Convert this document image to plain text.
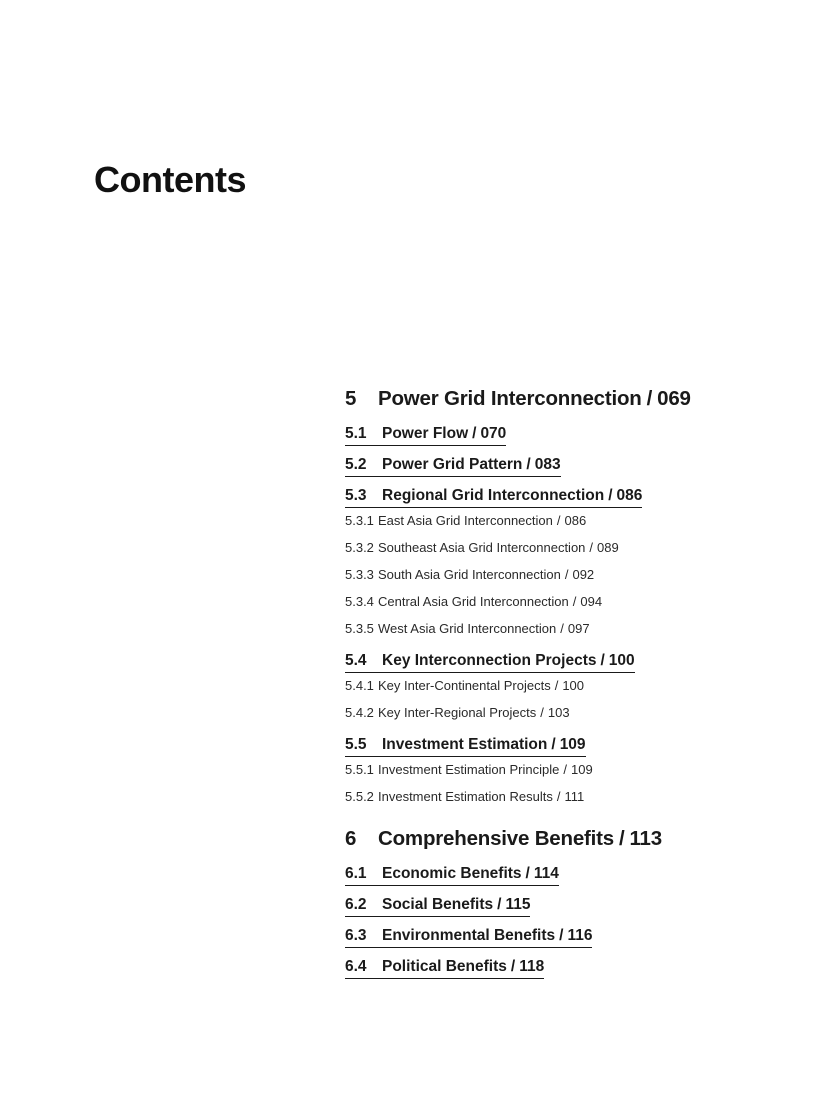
Contents
5	Power Grid Interconnection / 069
5.1 Power Flow / 070
5.2 Power Grid Pattern / 083
5.3 Regional Grid Interconnection / 086
5.3.1 East Asia Grid Interconnection / 086
5.3.2 Southeast Asia Grid Interconnection / 089
5.3.3 South Asia Grid Interconnection / 092
5.3.4 Central Asia Grid Interconnection / 094
5.3.5 West Asia Grid Interconnection / 097
5.4 Key Interconnection Projects / 100
5.4.1 Key Inter-Continental Projects / 100
5.4.2 Key Inter-Regional Projects / 103
5.5 Investment Estimation / 109
5.5.1 Investment Estimation Principle / 109
5.5.2 Investment Estimation Results / 111
6	Comprehensive Benefits / 113
6.1 Economic Benefits / 114
6.2 Social Benefits / 115
6.3 Environmental Benefits / 116
6.4 Political Benefits / 118
